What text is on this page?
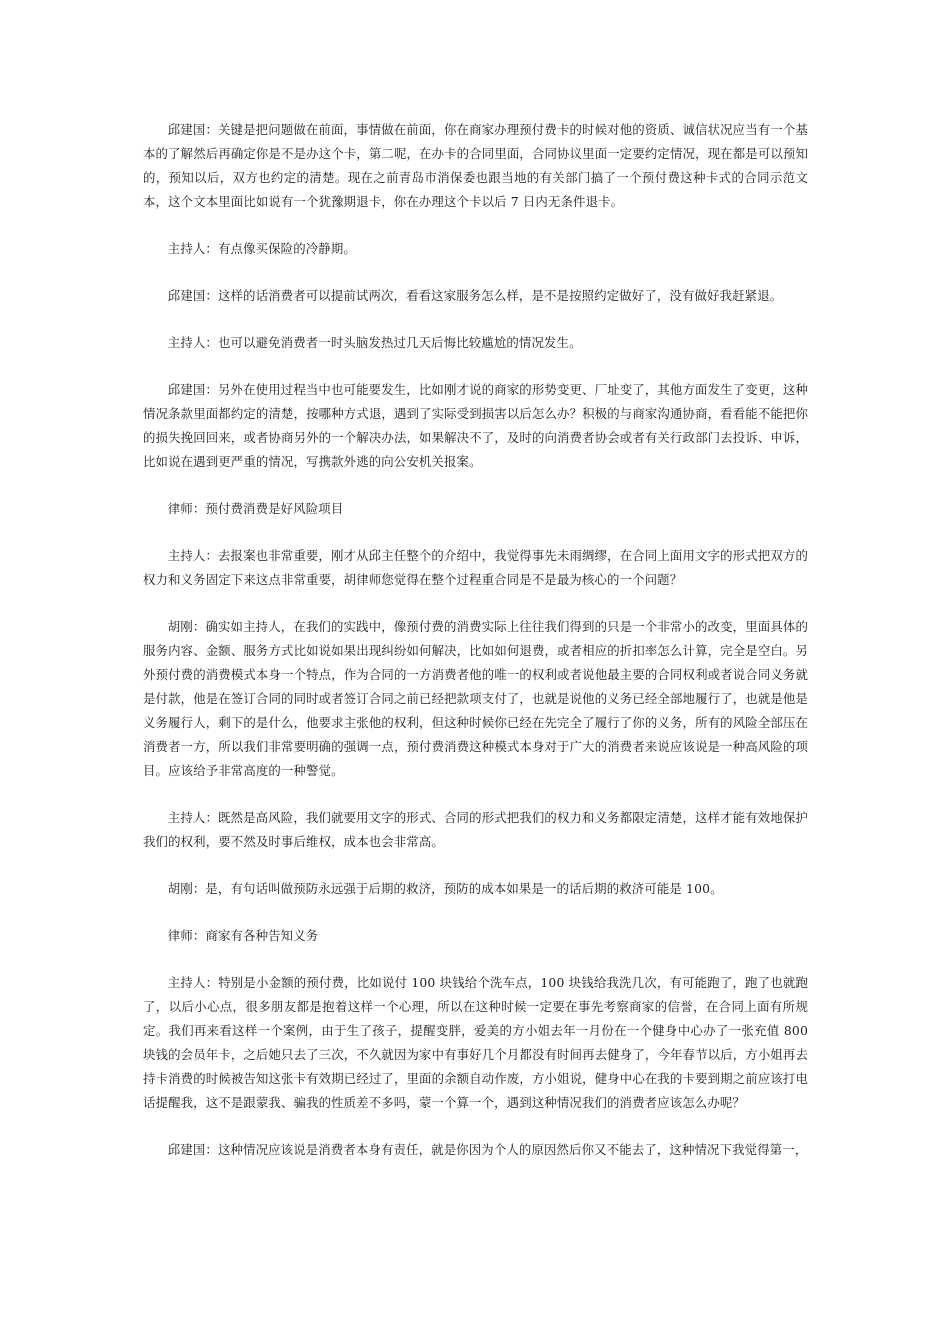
邱建国：关键是把问题做在前面，事情做在前面，你在商家办理预付费卡的时候对他的资质、诚信状况应当有一个基本的了解然后再确定你是不是办这个卡，第二呢，在办卡的合同里面，合同协议里面一定要约定情况，现在都是可以预知的，预知以后，双方也约定的清楚。现在之前青岛市消保委也跟当地的有关部门搞了一个预付费这种卡式的合同示范文本，这个文本里面比如说有一个犹豫期退卡，你在办理这个卡以后 7 日内无条件退卡。

主持人：有点像买保险的冷静期。

邱建国：这样的话消费者可以提前试两次，看看这家服务怎么样，是不是按照约定做好了，没有做好我赶紧退。

主持人：也可以避免消费者一时头脑发热过几天后悔比较尴尬的情况发生。

邱建国：另外在使用过程当中也可能要发生，比如刚才说的商家的形势变更、厂址变了，其他方面发生了变更，这种情况条款里面都约定的清楚，按哪种方式退，遇到了实际受到损害以后怎么办？积极的与商家沟通协商，看看能不能把你的损失挽回回来，或者协商另外的一个解决办法，如果解决不了，及时的向消费者协会或者有关行政部门去投诉、申诉，比如说在遇到更严重的情况，写携款外逃的向公安机关报案。

律师：预付费消费是好风险项目

主持人：去报案也非常重要，刚才从邱主任整个的介绍中，我觉得事先未雨绸缪，在合同上面用文字的形式把双方的权力和义务固定下来这点非常重要，胡律师您觉得在整个过程重合同是不是最为核心的一个问题？

胡刚：确实如主持人，在我们的实践中，像预付费的消费实际上往往我们得到的只是一个非常小的改变，里面具体的服务内容、金额、服务方式比如说如果出现纠纷如何解决，比如如何退费，或者相应的折扣率怎么计算，完全是空白。另外预付费的消费模式本身一个特点，作为合同的一方消费者他的唯一的权利或者说他最主要的合同权利或者说合同义务就是付款，他是在签订合同的同时或者签订合同之前已经把款项支付了，也就是说他的义务已经全部地履行了，也就是他是义务履行人，剩下的是什么，他要求主张他的权利，但这种时候你已经在先完全了履行了你的义务，所有的风险全部压在消费者一方，所以我们非常要明确的强调一点，预付费消费这种模式本身对于广大的消费者来说应该说是一种高风险的项目。应该给予非常高度的一种警觉。

主持人：既然是高风险，我们就要用文字的形式、合同的形式把我们的权力和义务都限定清楚，这样才能有效地保护我们的权利，要不然及时事后维权，成本也会非常高。

胡刚：是，有句话叫做预防永远强于后期的救济，预防的成本如果是一的话后期的救济可能是 100。

律师：商家有各种告知义务

主持人：特别是小金额的预付费，比如说付 100 块钱给个洗车点，100 块钱给我洗几次，有可能跑了，跑了也就跑了，以后小心点，很多朋友都是抱着这样一个心理，所以在这种时候一定要在事先考察商家的信誉，在合同上面有所规定。我们再来看这样一个案例，由于生了孩子，提醒变胖，爱美的方小姐去年一月份在一个健身中心办了一张充值 800 块钱的会员年卡，之后她只去了三次，不久就因为家中有事好几个月都没有时间再去健身了，今年春节以后，方小姐再去持卡消费的时候被告知这张卡有效期已经过了，里面的余额自动作废，方小姐说，健身中心在我的卡要到期之前应该打电话提醒我，这不是跟蒙我、骗我的性质差不多吗，蒙一个算一个，遇到这种情况我们的消费者应该怎么办呢？

邱建国：这种情况应该说是消费者本身有责任，就是你因为个人的原因然后你又不能去了，这种情况下我觉得第一，
